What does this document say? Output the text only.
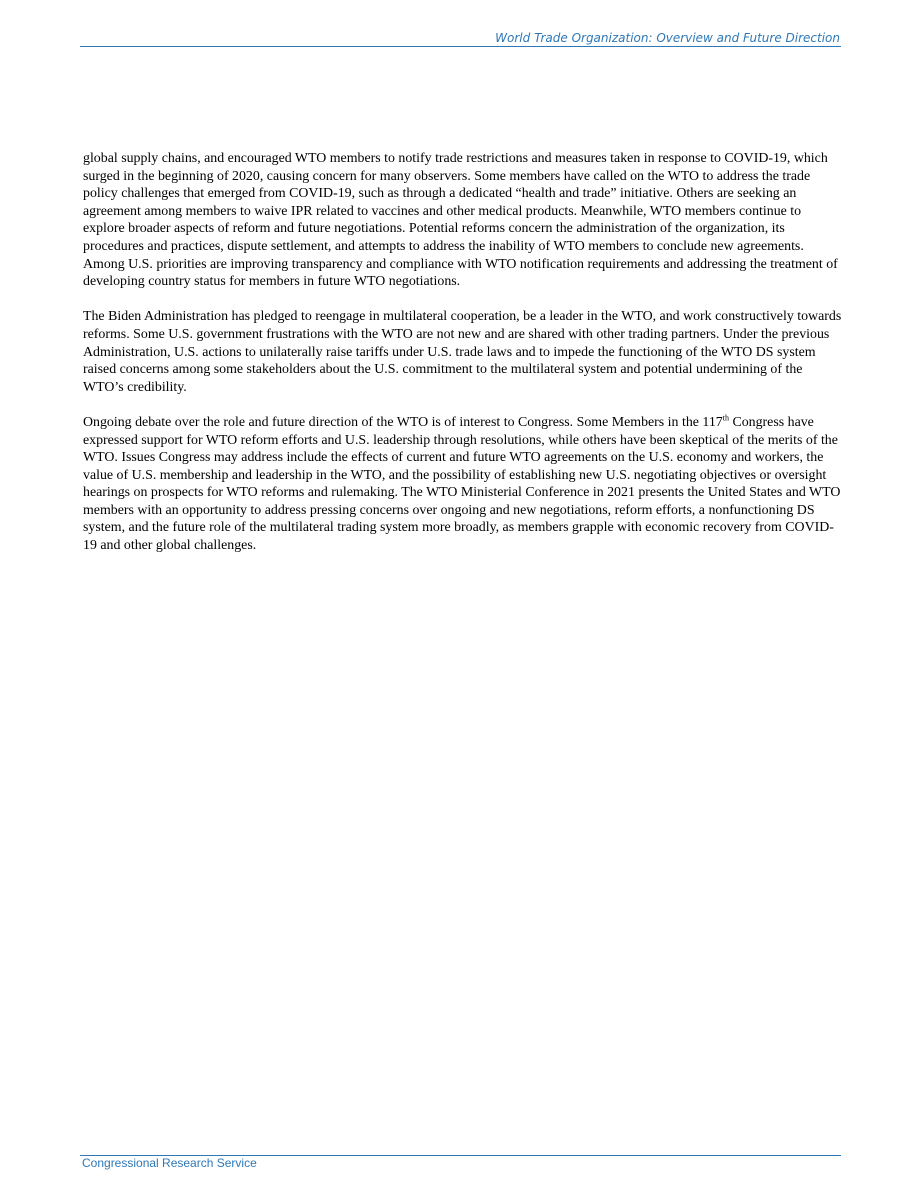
World Trade Organization: Overview and Future Direction

global supply chains, and encouraged WTO members to notify trade restrictions and measures taken in response to COVID-19, which surged in the beginning of 2020, causing concern for many observers. Some members have called on the WTO to address the trade policy challenges that emerged from COVID-19, such as through a dedicated “health and trade” initiative. Others are seeking an agreement among members to waive IPR related to vaccines and other medical products. Meanwhile, WTO members continue to explore broader aspects of reform and future negotiations. Potential reforms concern the administration of the organization, its procedures and practices, dispute settlement, and attempts to address the inability of WTO members to conclude new agreements. Among U.S. priorities are improving transparency and compliance with WTO notification requirements and addressing the treatment of developing country status for members in future WTO negotiations.

The Biden Administration has pledged to reengage in multilateral cooperation, be a leader in the WTO, and work constructively towards reforms. Some U.S. government frustrations with the WTO are not new and are shared with other trading partners. Under the previous Administration, U.S. actions to unilaterally raise tariffs under U.S. trade laws and to impede the functioning of the WTO DS system raised concerns among some stakeholders about the U.S. commitment to the multilateral system and potential undermining of the WTO’s credibility.

Ongoing debate over the role and future direction of the WTO is of interest to Congress. Some Members in the 117th Congress have expressed support for WTO reform efforts and U.S. leadership through resolutions, while others have been skeptical of the merits of the WTO. Issues Congress may address include the effects of current and future WTO agreements on the U.S. economy and workers, the value of U.S. membership and leadership in the WTO, and the possibility of establishing new U.S. negotiating objectives or oversight hearings on prospects for WTO reforms and rulemaking. The WTO Ministerial Conference in 2021 presents the United States and WTO members with an opportunity to address pressing concerns over ongoing and new negotiations, reform efforts, a nonfunctioning DS system, and the future role of the multilateral trading system more broadly, as members grapple with economic recovery from COVID-19 and other global challenges.

Congressional Research Service
